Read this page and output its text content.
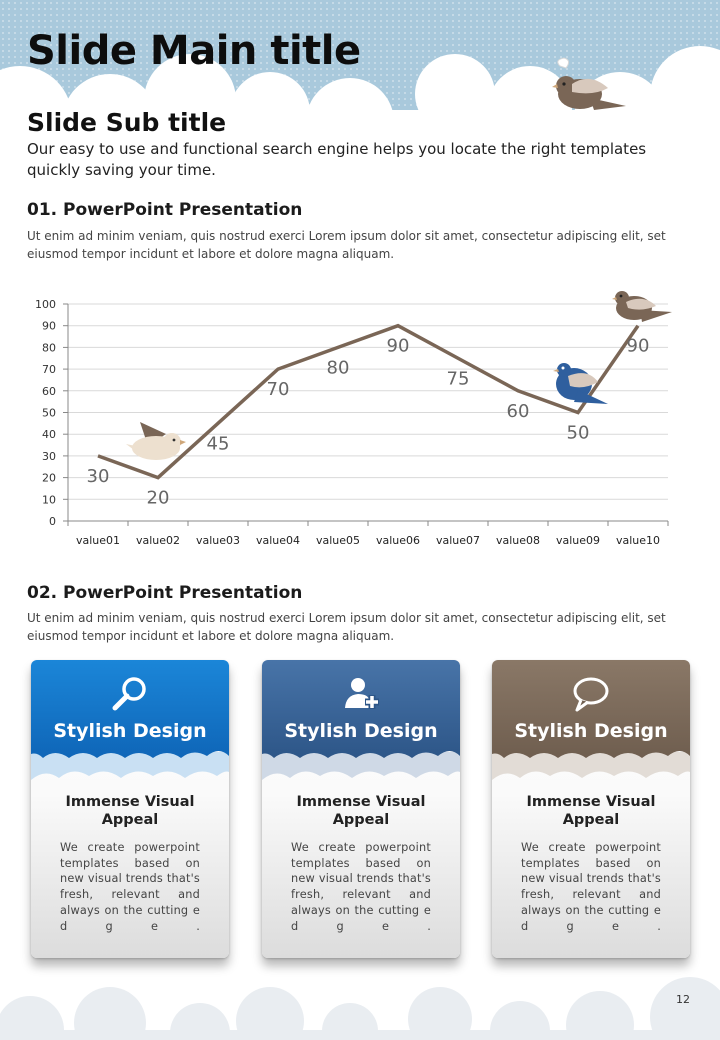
Slide Main title
Slide Sub title

Our easy to use and functional search engine helps you locate the right templates quickly saving your time.

01. PowerPoint Presentation

Ut enim ad minim veniam, quis nostrud exerci Lorem ipsum dolor sit amet, consectetur adipiscing elit, set eiusmod tempor incidunt et labore et dolore magna aliquam.

0
10
20
30
40
50
60
70
80
90
100
value01 value02 value03 value04 value05 value06 value07 value08 value09 value10
30
20
45
70
80
90
75
60
50
90
02. PowerPoint Presentation

Ut enim ad minim veniam, quis nostrud exerci Lorem ipsum dolor sit amet, consectetur adipiscing elit, set eiusmod tempor incidunt et labore et dolore magna aliquam.

Stylish Design
Immense Visual
Appeal
We create powerpoint templates based on new visual trends that's fresh, relevant and always on the cutting e d g e .
Stylish Design
Immense Visual
Appeal
We create powerpoint templates based on new visual trends that's fresh, relevant and always on the cutting e d g e .
Stylish Design
Immense Visual
Appeal
We create powerpoint templates based on new visual trends that's fresh, relevant and always on the cutting e d g e .
12
